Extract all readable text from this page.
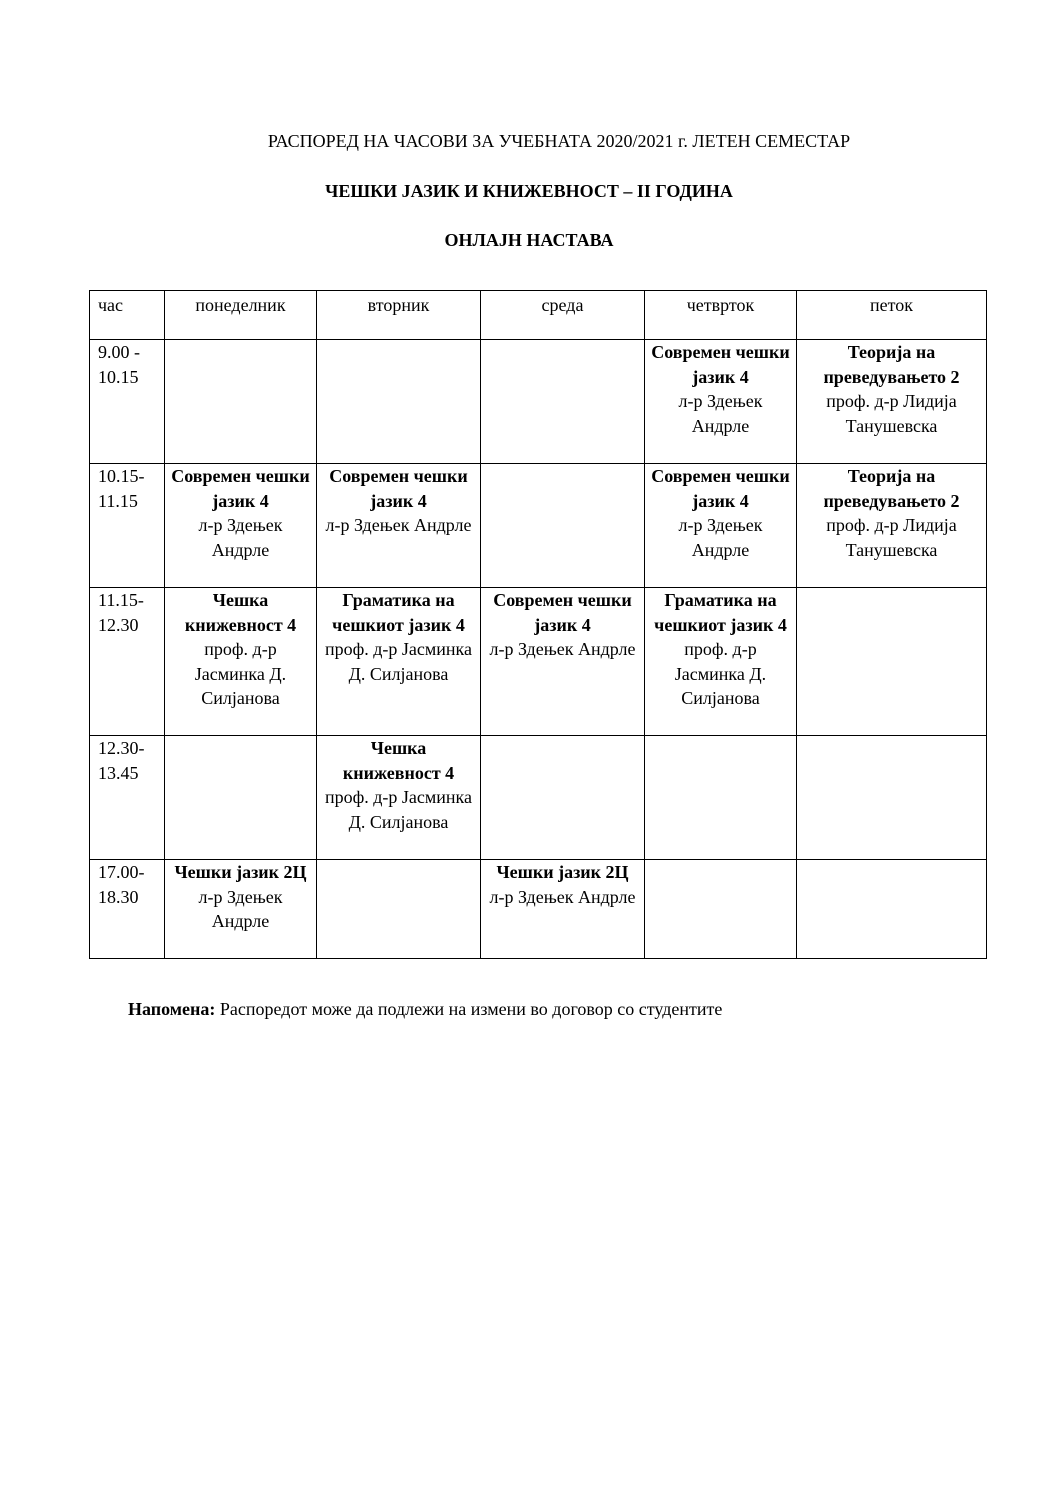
РАСПОРЕД НА ЧАСОВИ ЗА УЧЕБНАТА 2020/2021 г. ЛЕТЕН СЕМЕСТАР

ЧЕШКИ ЈАЗИК И КНИЖЕВНОСТ – II ГОДИНА

ОНЛАЈН НАСТАВА

час	понеделник	вторник	среда	четврток	петок
9.00 - 10.15				Современ чешки јазик 4
л-р Здењек Андрле	Теорија на преведувањето 2
проф. д-р Лидија Танушевска

10.15-11.15	Современ чешки јазик 4
л-р Здењек Андрле	Современ чешки јазик 4
л-р Здењек Андрле		Современ чешки јазик 4
л-р Здењек Андрле	Теорија на преведувањето 2
проф. д-р Лидија Танушевска

11.15-12.30	Чешка книжевност 4
проф. д-р Јасминка Д. Силјанова	Граматика на чешкиот јазик 4
проф. д-р Јасминка Д. Силјанова	Современ чешки јазик 4
л-р Здењек Андрле	Граматика на чешкиот јазик 4
проф. д-р Јасминка Д. Силјанова	

12.30-13.45		Чешка книжевност 4
проф. д-р Јасминка Д. Силјанова			

17.00-18.30	Чешки јазик 2Ц
л-р Здењек Андрле		Чешки јазик 2Ц
л-р Здењек Андрле		

Напомена: Распоредот може да подлежи на измени во договор со студентите
